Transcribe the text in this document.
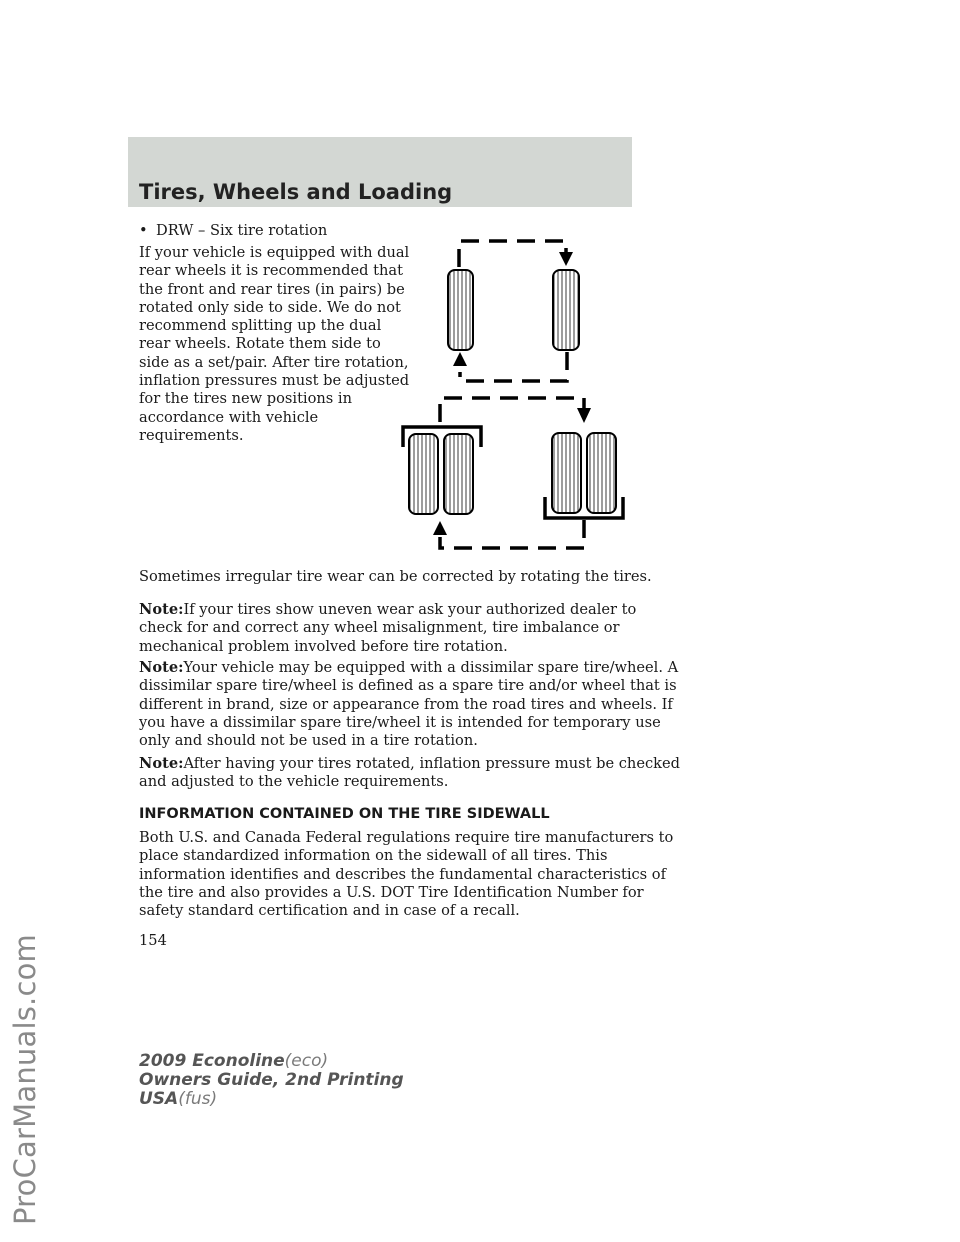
Tires, Wheels and Loading
ProCarManuals.com
• DRW – Six tire rotation
If your vehicle is equipped with dual
rear wheels it is recommended that
the front and rear tires (in pairs) be
rotated only side to side. We do not
recommend splitting up the dual
rear wheels. Rotate them side to
side as a set/pair. After tire rotation,
inflation pressures must be adjusted
for the tires new positions in
accordance with vehicle
requirements.
Sometimes irregular tire wear can be corrected by rotating the tires.
Note:If your tires show uneven wear ask your authorized dealer to
check for and correct any wheel misalignment, tire imbalance or
mechanical problem involved before tire rotation.
Note:Your vehicle may be equipped with a dissimilar spare tire/wheel. A
dissimilar spare tire/wheel is defined as a spare tire and/or wheel that is
different in brand, size or appearance from the road tires and wheels. If
you have a dissimilar spare tire/wheel it is intended for temporary use
only and should not be used in a tire rotation.
Note:After having your tires rotated, inflation pressure must be checked
and adjusted to the vehicle requirements.
INFORMATION CONTAINED ON THE TIRE SIDEWALL
Both U.S. and Canada Federal regulations require tire manufacturers to
place standardized information on the sidewall of all tires. This
information identifies and describes the fundamental characteristics of
the tire and also provides a U.S. DOT Tire Identification Number for
safety standard certification and in case of a recall.
154
2009 Econoline(eco)
Owners Guide, 2nd Printing
USA(fus)
